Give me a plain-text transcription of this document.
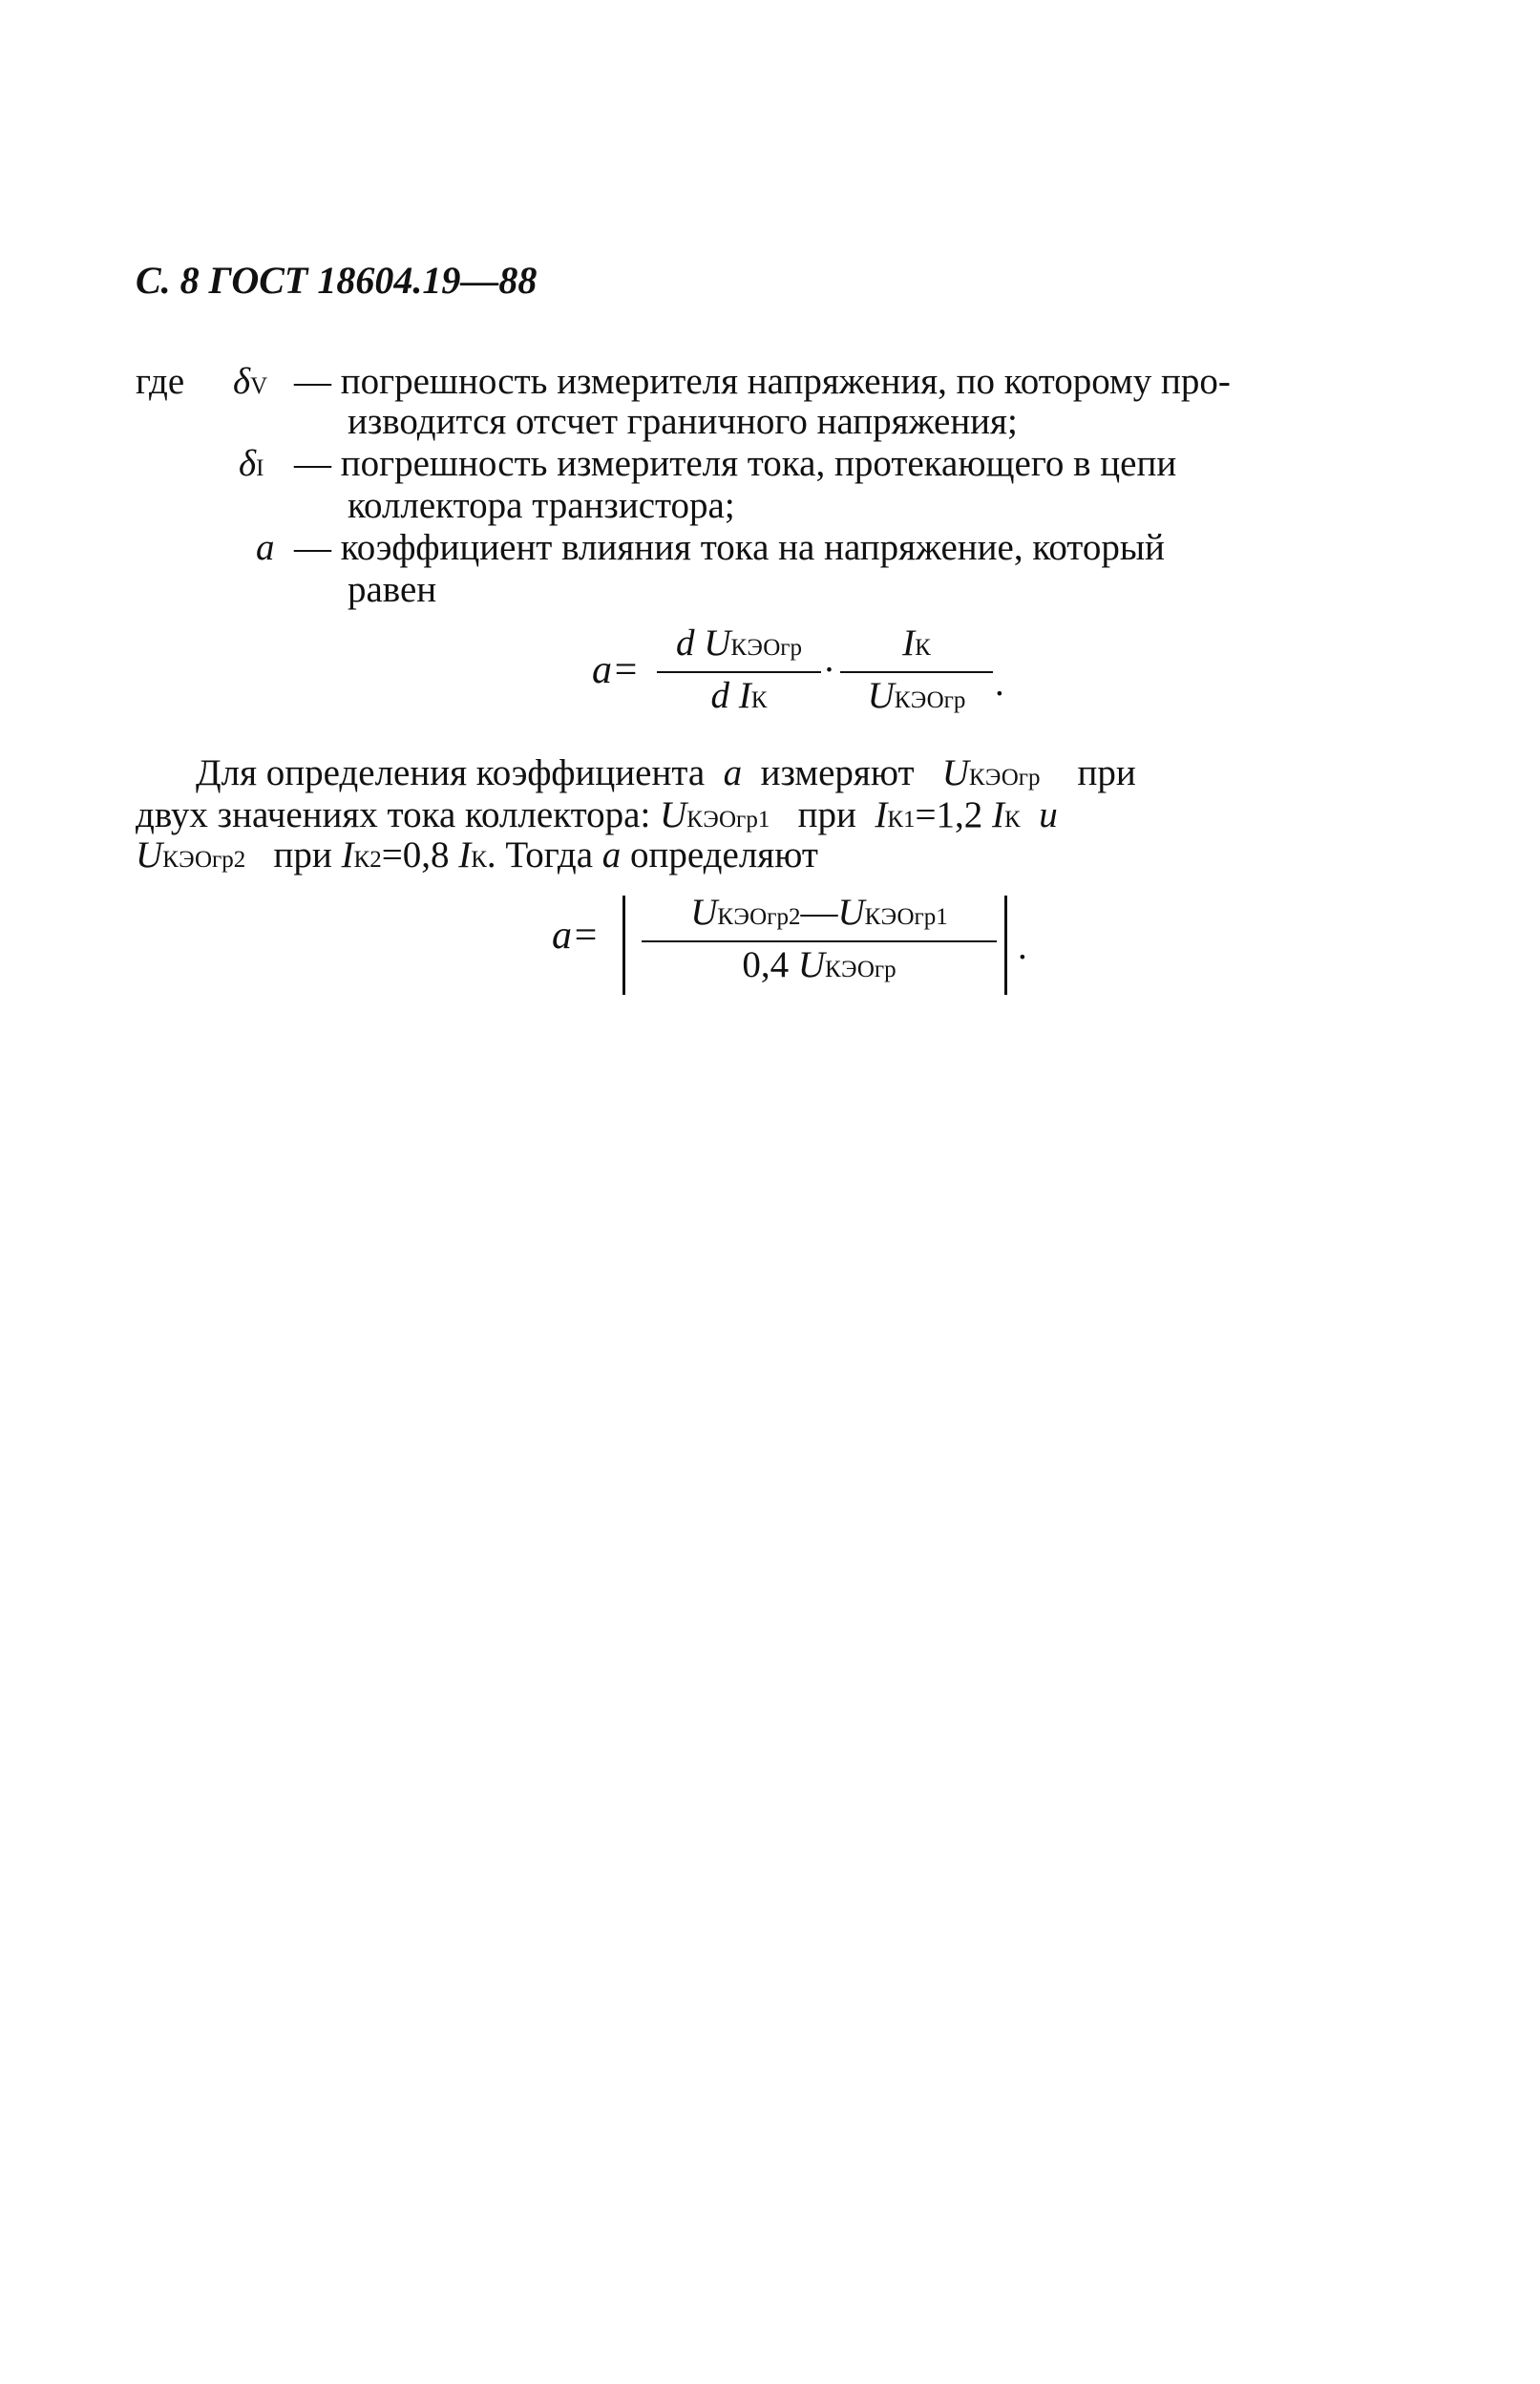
С. 8 ГОСТ 18604.19—88
где δV — погрешность измерителя напряжения, по которому про-
изводится отсчет граничного напряжения;
δI — погрешность измерителя тока, протекающего в цепи
коллектора транзистора;
a — коэффициент влияния тока на напряжение, который
равен
a=
d UКЭОгр
d IК
·
IК
UКЭОгр .
Для определения коэффициента a измеряют UКЭОгр при
двух значениях тока коллектора: UКЭОгр1 при IК1=1,2 IК и
UКЭОгр2 при IК2=0,8 IК. Тогда a определяют
a=
UКЭОгр2—UКЭОгр1
0,4 UКЭОгр
.
